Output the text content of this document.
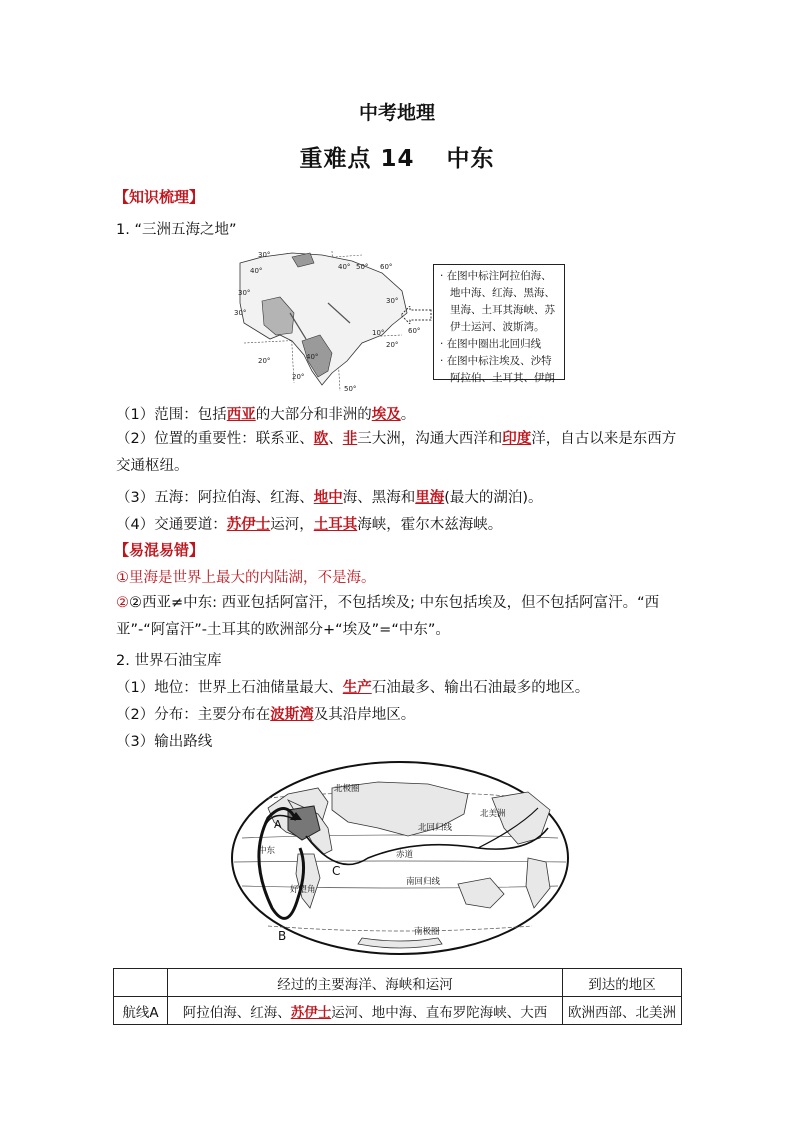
中考地理
重难点 14 中东
【知识梳理】
1. “三洲五海之地”
30°
40° 50° 60°
40°
30°
30°
20°
20°
10°
30°
20°
40°
50°
60°
· 在图中标注阿拉伯海、
地中海、红海、黑海、
里海、土耳其海峡、苏
伊士运河、波斯湾。
· 在图中圈出北回归线
· 在图中标注埃及、沙特
阿拉伯、土耳其、伊朗
（1）范围：包括西亚的大部分和非洲的埃及。
（2）位置的重要性：联系亚、欧、非三大洲，沟通大西洋和印度洋，自古以来是东西方交通枢纽。
（3）五海：阿拉伯海、红海、地中海、黑海和里海(最大的湖泊)。
（4）交通要道：苏伊士运河，土耳其海峡，霍尔木兹海峡。
【易混易错】
①里海是世界上最大的内陆湖，不是海。
②②西亚≠中东: 西亚包括阿富汗，不包括埃及; 中东包括埃及，但不包括阿富汗。“西亚”-“阿富汗”-土耳其的欧洲部分+“埃及”=“中东”。
2. 世界石油宝库
（1）地位：世界上石油储量最大、生产石油最多、输出石油最多的地区。
（2）分布：主要分布在波斯湾及其沿岸地区。
（3）输出路线
北极圈
北美洲
北回归线
赤道
南回归线
南极圈
中东
好望角
A
B
C
	经过的主要海洋、海峡和运河	到达的地区
航线A	阿拉伯海、红海、苏伊士运河、地中海、直布罗陀海峡、大西	欧洲西部、北美洲
